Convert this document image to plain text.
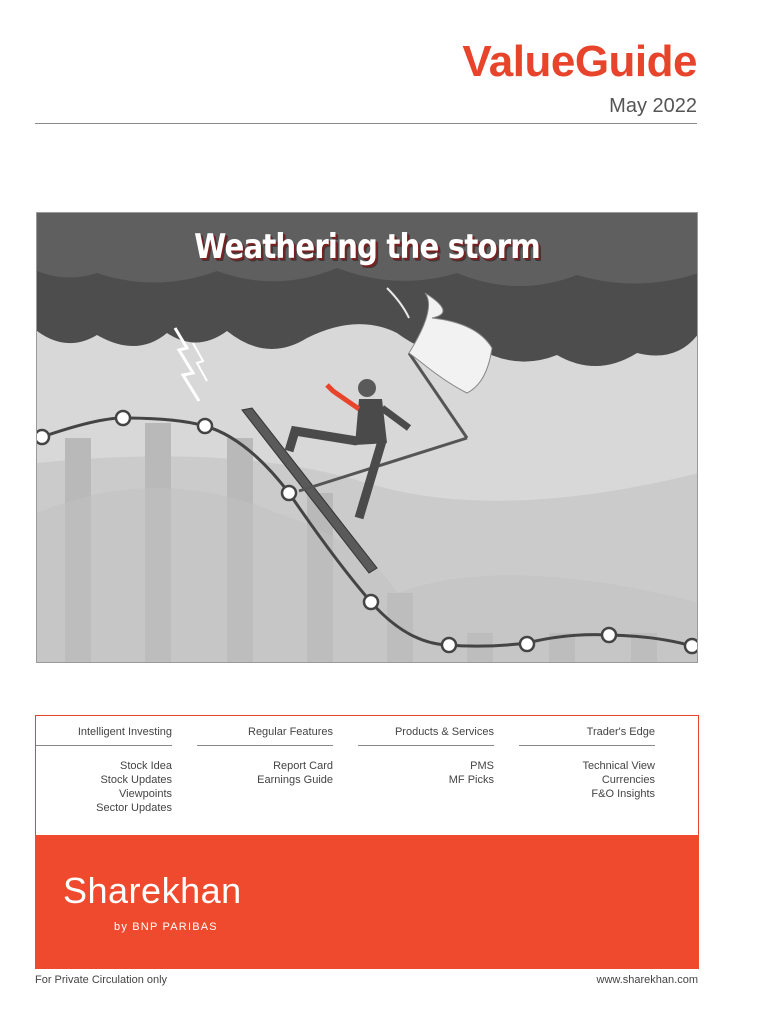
ValueGuide
May 2022
Weathering the storm
Intelligent Investing
Stock Idea
Stock Updates
Viewpoints
Sector Updates
Regular Features
Report Card
Earnings Guide
Products & Services
PMS
MF Picks
Trader's Edge
Technical View
Currencies
F&O Insights
Sharekhan
by BNP PARIBAS
For Private Circulation only	www.sharekhan.com
